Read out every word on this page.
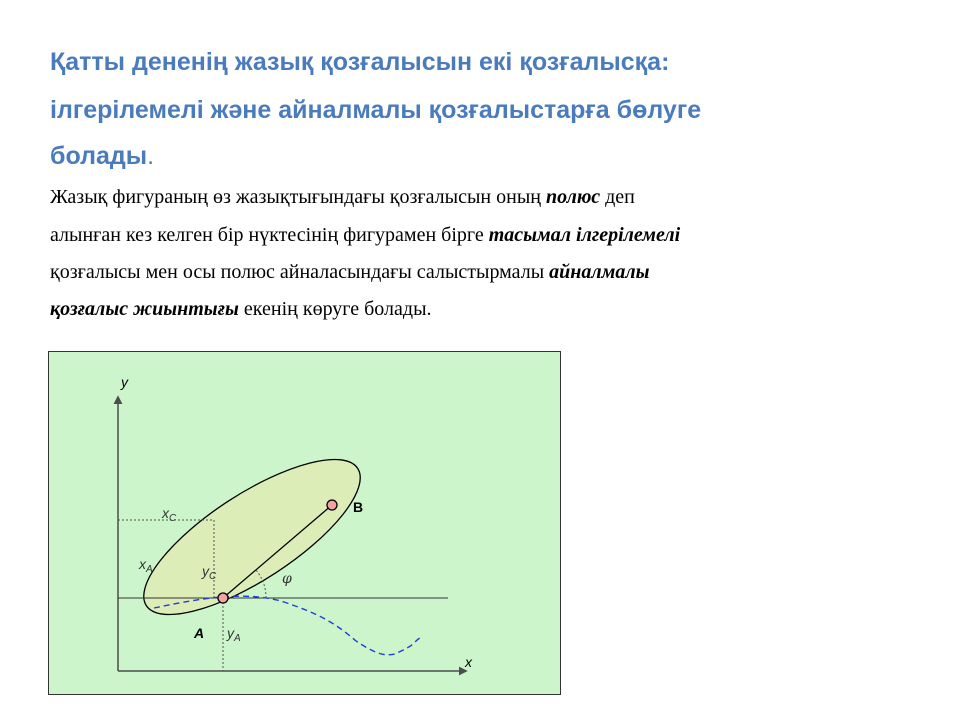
Қатты дененің жазық қозғалысын екі қозғалысқа:

ілгерілемелі және айналмалы қозғалыстарға бөлуге

болады.

Жазық фигураның өз жазықтығындағы қозғалысын оның полюс деп

алынған кез келген бір нүктесінің фигурамен бірге тасымал ілгерілемелі

қозғалысы мен осы полюс айналасындағы салыстырмалы айналмалы

қозғалыс жиынтығы екенің көруге болады.

y
x
A
B
$x_C$
$x_A$	$y_C$
$y_A$
φ
